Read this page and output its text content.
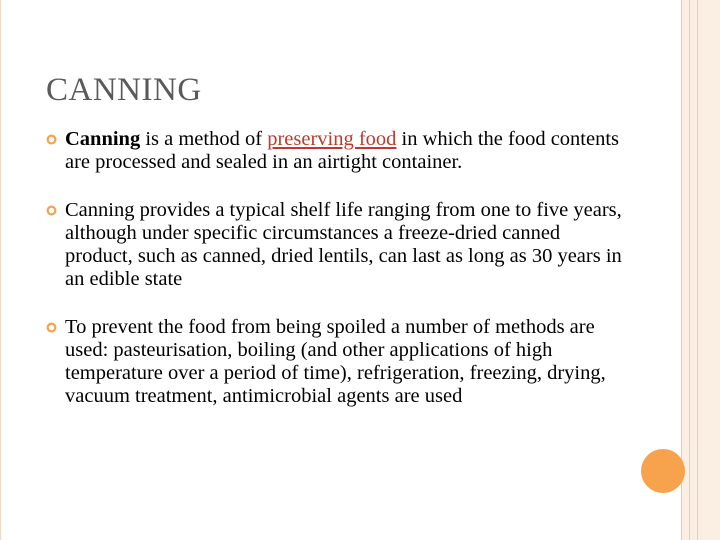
CANNING
Canning is a method of preserving food in which the food contents are processed and sealed in an airtight container.
Canning provides a typical shelf life ranging from one to five years, although under specific circumstances a freeze-dried canned product, such as canned, dried lentils, can last as long as 30 years in an edible state
To prevent the food from being spoiled a number of methods are used: pasteurisation, boiling (and other applications of high temperature over a period of time), refrigeration, freezing, drying, vacuum treatment, antimicrobial agents are used
